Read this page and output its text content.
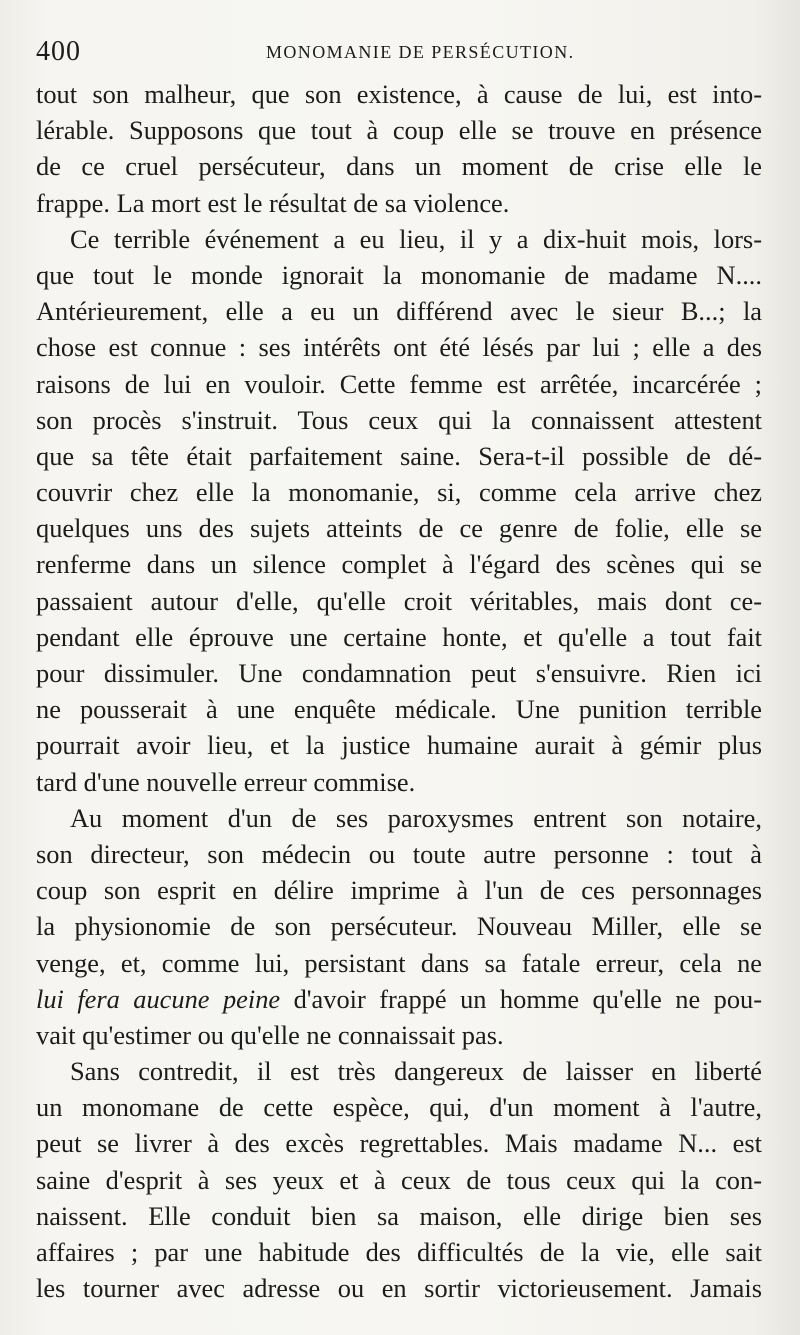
400	MONOMANIE DE PERSÉCUTION.
tout son malheur, que son existence, à cause de lui, est into-
lérable. Supposons que tout à coup elle se trouve en présence
de ce cruel persécuteur, dans un moment de crise elle le
frappe. La mort est le résultat de sa violence.
Ce terrible événement a eu lieu, il y a dix-huit mois, lors-
que tout le monde ignorait la monomanie de madame N....
Antérieurement, elle a eu un différend avec le sieur B...; la
chose est connue : ses intérêts ont été lésés par lui ; elle a des
raisons de lui en vouloir. Cette femme est arrêtée, incarcérée ;
son procès s'instruit. Tous ceux qui la connaissent attestent
que sa tête était parfaitement saine. Sera-t-il possible de dé-
couvrir chez elle la monomanie, si, comme cela arrive chez
quelques uns des sujets atteints de ce genre de folie, elle se
renferme dans un silence complet à l'égard des scènes qui se
passaient autour d'elle, qu'elle croit véritables, mais dont ce-
pendant elle éprouve une certaine honte, et qu'elle a tout fait
pour dissimuler. Une condamnation peut s'ensuivre. Rien ici
ne pousserait à une enquête médicale. Une punition terrible
pourrait avoir lieu, et la justice humaine aurait à gémir plus
tard d'une nouvelle erreur commise.
Au moment d'un de ses paroxysmes entrent son notaire,
son directeur, son médecin ou toute autre personne : tout à
coup son esprit en délire imprime à l'un de ces personnages
la physionomie de son persécuteur. Nouveau Miller, elle se
venge, et, comme lui, persistant dans sa fatale erreur, cela ne
lui fera aucune peine d'avoir frappé un homme qu'elle ne pou-
vait qu'estimer ou qu'elle ne connaissait pas.
Sans contredit, il est très dangereux de laisser en liberté
un monomane de cette espèce, qui, d'un moment à l'autre,
peut se livrer à des excès regrettables. Mais madame N... est
saine d'esprit à ses yeux et à ceux de tous ceux qui la con-
naissent. Elle conduit bien sa maison, elle dirige bien ses
affaires ; par une habitude des difficultés de la vie, elle sait
les tourner avec adresse ou en sortir victorieusement. Jamais
